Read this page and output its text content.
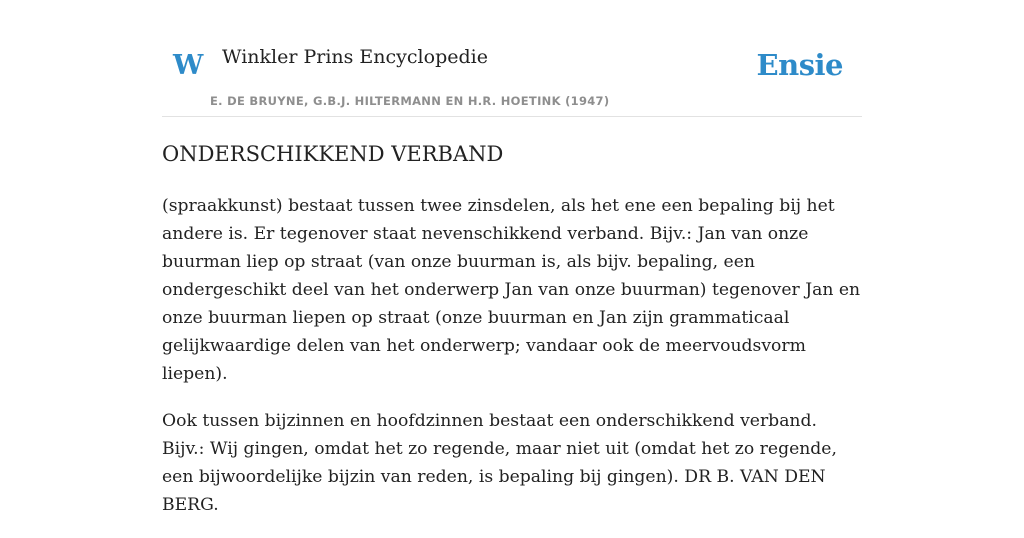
W Winkler Prins Encyclopedie
E. DE BRUYNE, G.B.J. HILTERMANN EN H.R. HOETINK (1947)
Ensie
ONDERSCHIKKEND VERBAND

(spraakkunst) bestaat tussen twee zinsdelen, als het ene een bepaling bij het andere is. Er tegenover staat nevenschikkend verband. Bijv.: Jan van onze buurman liep op straat (van onze buurman is, als bijv. bepaling, een ondergeschikt deel van het onderwerp Jan van onze buurman) tegenover Jan en onze buurman liepen op straat (onze buurman en Jan zijn grammaticaal gelijkwaardige delen van het onderwerp; vandaar ook de meervoudsvorm liepen).

Ook tussen bijzinnen en hoofdzinnen bestaat een onderschikkend verband. Bijv.: Wij gingen, omdat het zo regende, maar niet uit (omdat het zo regende, een bijwoordelijke bijzin van reden, is bepaling bij gingen). DR B. VAN DEN BERG.
